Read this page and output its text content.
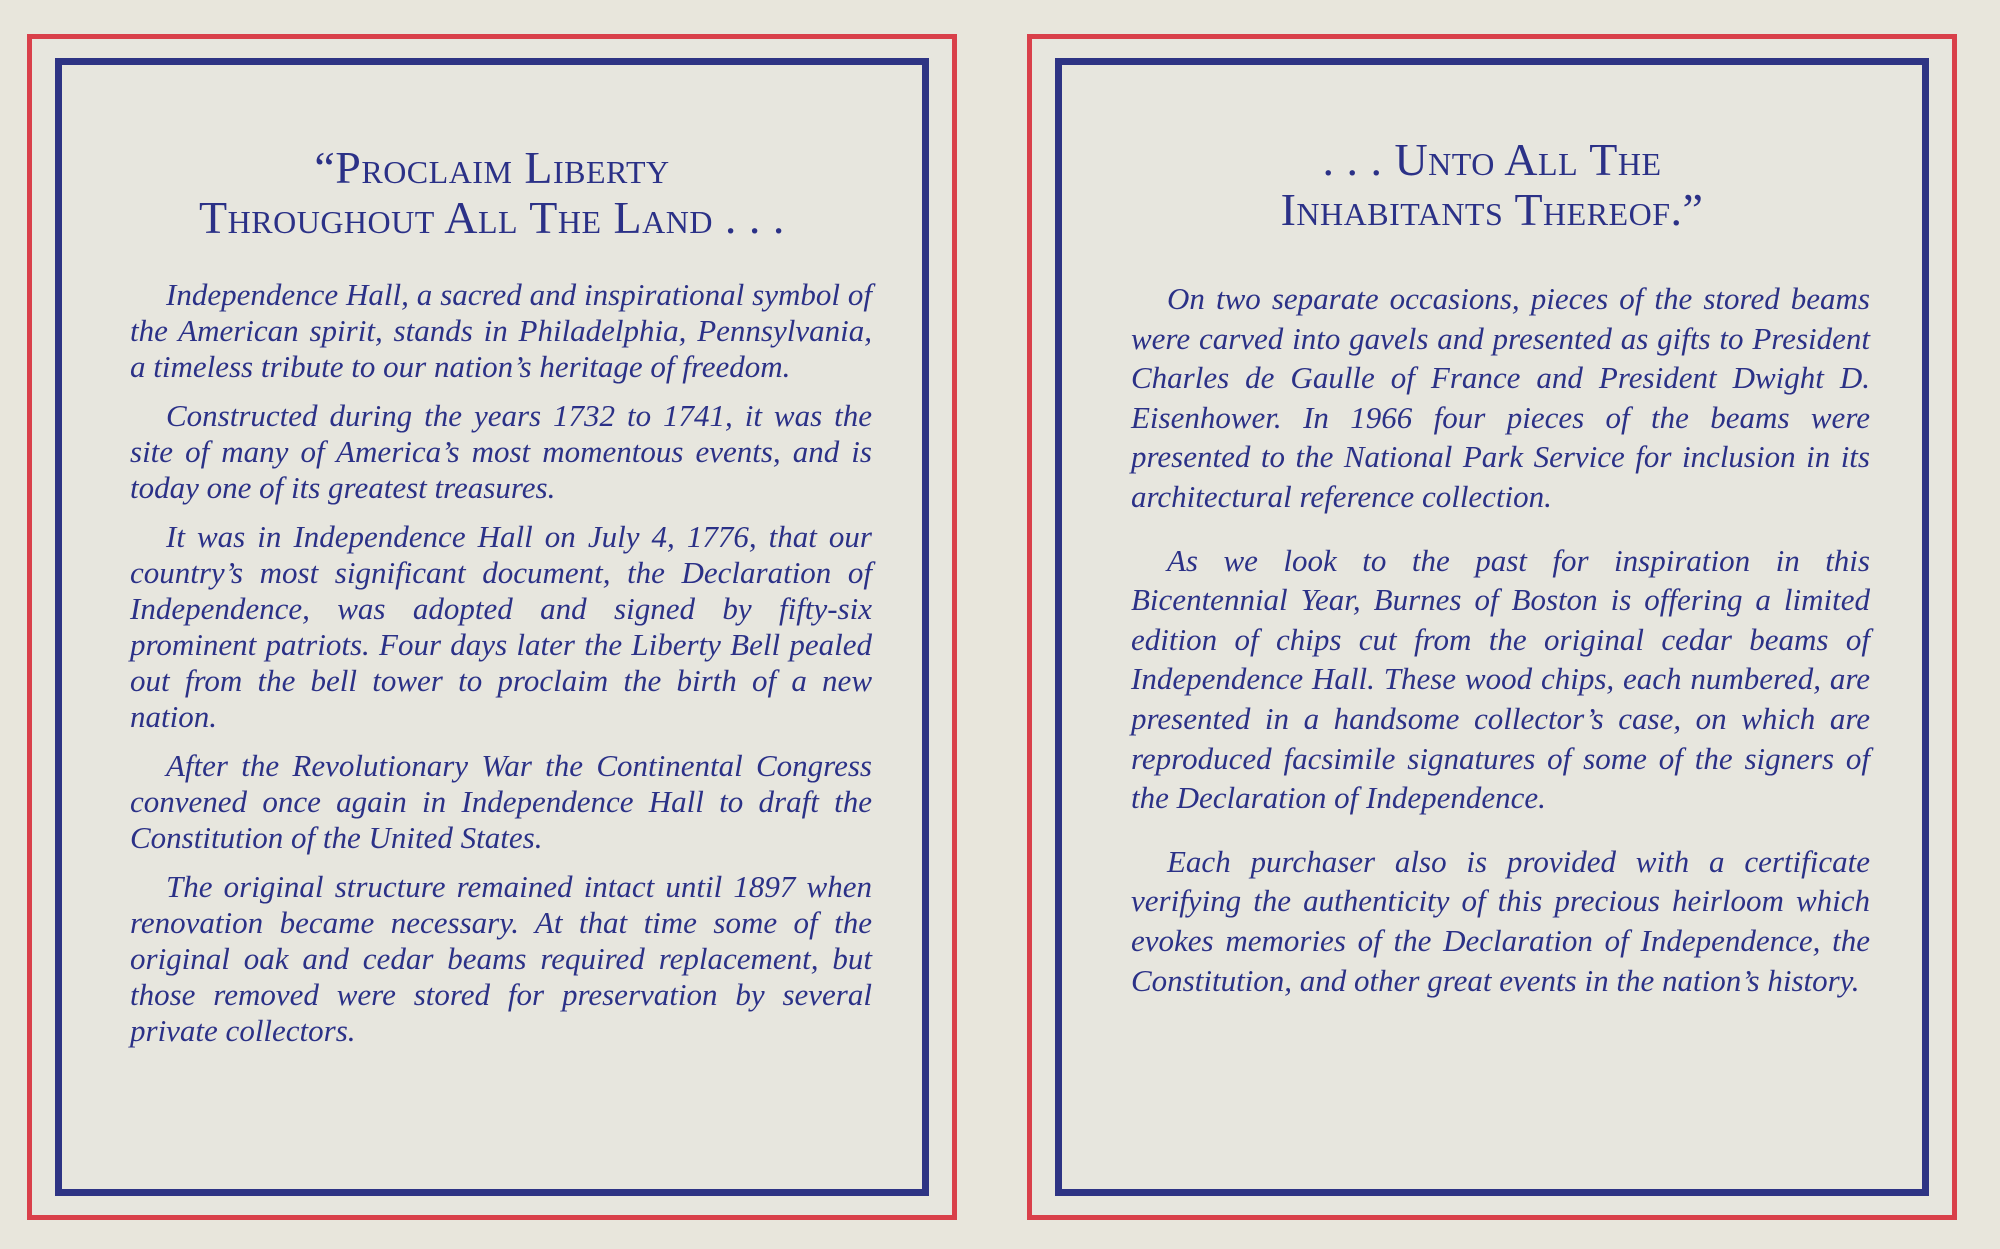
“Proclaim Liberty
Throughout All The Land . . .

Independence Hall, a sacred and inspirational symbol of the American spirit, stands in Philadelphia, Pennsylvania, a timeless tribute to our nation’s heritage of freedom.

Constructed during the years 1732 to 1741, it was the site of many of America’s most momentous events, and is today one of its greatest treasures.

It was in Independence Hall on July 4, 1776, that our country’s most significant document, the Declaration of Independence, was adopted and signed by fifty-six prominent patriots. Four days later the Liberty Bell pealed out from the bell tower to proclaim the birth of a new nation.

After the Revolutionary War the Continental Congress convened once again in Independence Hall to draft the Constitution of the United States.

The original structure remained intact until 1897 when renovation became necessary. At that time some of the original oak and cedar beams required replacement, but those removed were stored for preservation by several private collectors.

. . . Unto All The
Inhabitants Thereof.”

On two separate occasions, pieces of the stored beams were carved into gavels and presented as gifts to President Charles de Gaulle of France and President Dwight D. Eisenhower. In 1966 four pieces of the beams were presented to the National Park Service for inclusion in its architectural reference collection.

As we look to the past for inspiration in this Bicentennial Year, Burnes of Boston is offering a limited edition of chips cut from the original cedar beams of Independence Hall. These wood chips, each numbered, are presented in a handsome collector’s case, on which are reproduced facsimile signatures of some of the signers of the Declaration of Independence.

Each purchaser also is provided with a certificate verifying the authenticity of this precious heirloom which evokes memories of the Declaration of Independence, the Constitution, and other great events in the nation’s history.
